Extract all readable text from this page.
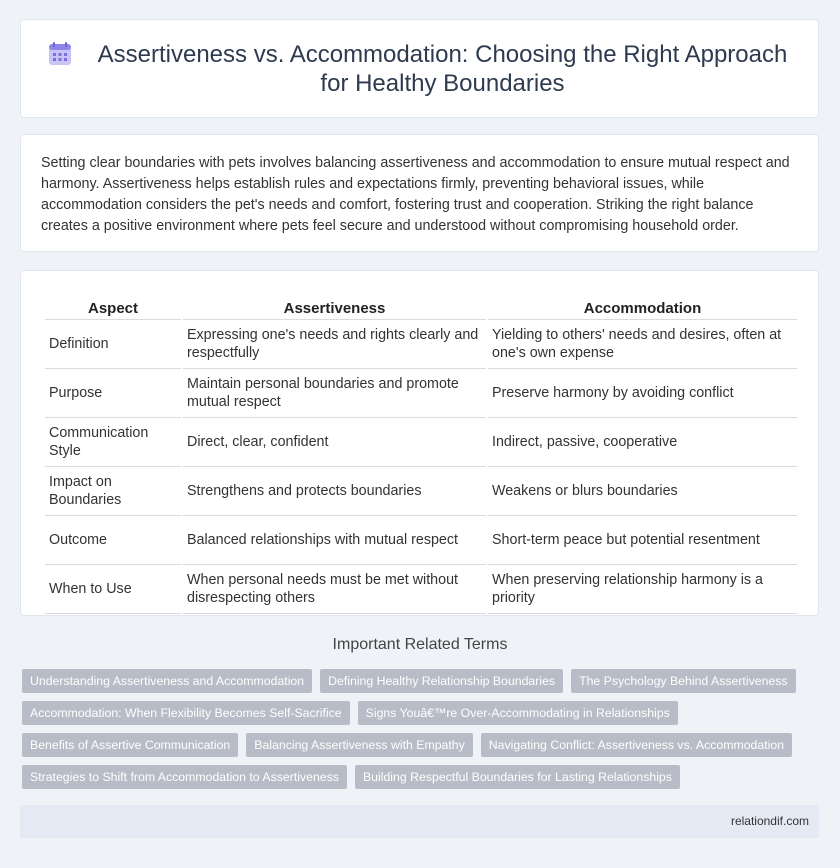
Assertiveness vs. Accommodation: Choosing the Right Approach for Healthy Boundaries

Setting clear boundaries with pets involves balancing assertiveness and accommodation to ensure mutual respect and harmony. Assertiveness helps establish rules and expectations firmly, preventing behavioral issues, while accommodation considers the pet's needs and comfort, fostering trust and cooperation. Striking the right balance creates a positive environment where pets feel secure and understood without compromising household order.

Aspect	Assertiveness	Accommodation
Definition	Expressing one's needs and rights clearly and respectfully	Yielding to others' needs and desires, often at one's own expense
Purpose	Maintain personal boundaries and promote mutual respect	Preserve harmony by avoiding conflict
Communication Style	Direct, clear, confident	Indirect, passive, cooperative
Impact on Boundaries	Strengthens and protects boundaries	Weakens or blurs boundaries
Outcome	Balanced relationships with mutual respect	Short-term peace but potential resentment
When to Use	When personal needs must be met without disrespecting others	When preserving relationship harmony is a priority
Important Related Terms
Understanding Assertiveness and Accommodation	Defining Healthy Relationship Boundaries	The Psychology Behind Assertiveness
Accommodation: When Flexibility Becomes Self-Sacrifice	Signs Youâ€™re Over-Accommodating in Relationships
Benefits of Assertive Communication	Balancing Assertiveness with Empathy	Navigating Conflict: Assertiveness vs. Accommodation
Strategies to Shift from Accommodation to Assertiveness	Building Respectful Boundaries for Lasting Relationships
relationdif.com
